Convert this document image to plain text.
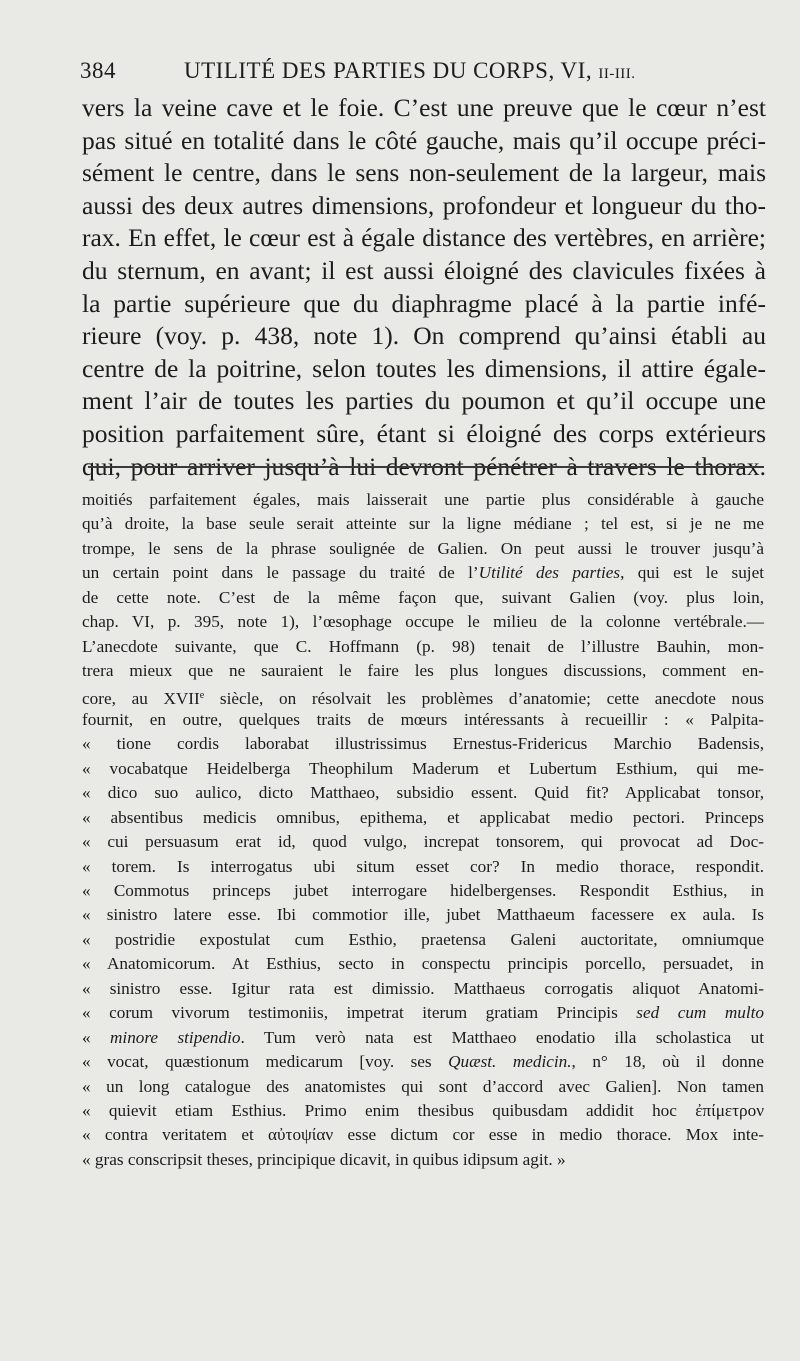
384	UTILITÉ DES PARTIES DU CORPS, VI, II-III.
vers la veine cave et le foie. C’est une preuve que le cœur n’est
pas situé en totalité dans le côté gauche, mais qu’il occupe préci-
sément le centre, dans le sens non-seulement de la largeur, mais
aussi des deux autres dimensions, profondeur et longueur du tho-
rax. En effet, le cœur est à égale distance des vertèbres, en arrière;
du sternum, en avant; il est aussi éloigné des clavicules fixées à
la partie supérieure que du diaphragme placé à la partie infé-
rieure (voy. p. 438, note 1). On comprend qu’ainsi établi au
centre de la poitrine, selon toutes les dimensions, il attire égale-
ment l’air de toutes les parties du poumon et qu’il occupe une
position parfaitement sûre, étant si éloigné des corps extérieurs
qui, pour arriver jusqu’à lui devront pénétrer à travers le thorax.
moitiés parfaitement égales, mais laisserait une partie plus considérable à gauche
qu’à droite, la base seule serait atteinte sur la ligne médiane ; tel est, si je ne me
trompe, le sens de la phrase soulignée de Galien. On peut aussi le trouver jusqu’à
un certain point dans le passage du traité de l’Utilité des parties, qui est le sujet
de cette note. C’est de la même façon que, suivant Galien (voy. plus loin,
chap. VI, p. 395, note 1), l’œsophage occupe le milieu de la colonne vertébrale.—
L’anecdote suivante, que C. Hoffmann (p. 98) tenait de l’illustre Bauhin, mon-
trera mieux que ne sauraient le faire les plus longues discussions, comment en-
core, au XVIIe siècle, on résolvait les problèmes d’anatomie; cette anecdote nous
fournit, en outre, quelques traits de mœurs intéressants à recueillir : « Palpita-
« tione cordis laborabat illustrissimus Ernestus-Fridericus Marchio Badensis,
« vocabatque Heidelberga Theophilum Maderum et Lubertum Esthium, qui me-
« dico suo aulico, dicto Matthaeo, subsidio essent. Quid fit? Applicabat tonsor,
« absentibus medicis omnibus, epithema, et applicabat medio pectori. Princeps
« cui persuasum erat id, quod vulgo, increpat tonsorem, qui provocat ad Doc-
« torem. Is interrogatus ubi situm esset cor? In medio thorace, respondit.
« Commotus princeps jubet interrogare hidelbergenses. Respondit Esthius, in
« sinistro latere esse. Ibi commotior ille, jubet Matthaeum facessere ex aula. Is
« postridie expostulat cum Esthio, praetensa Galeni auctoritate, omniumque
« Anatomicorum. At Esthius, secto in conspectu principis porcello, persuadet, in
« sinistro esse. Igitur rata est dimissio. Matthaeus corrogatis aliquot Anatomi-
« corum vivorum testimoniis, impetrat iterum gratiam Principis sed cum multo
« minore stipendio. Tum verò nata est Matthaeo enodatio illa scholastica ut
« vocat, quæstionum medicarum [voy. ses Quæst. medicin., n° 18, où il donne
« un long catalogue des anatomistes qui sont d’accord avec Galien]. Non tamen
« quievit etiam Esthius. Primo enim thesibus quibusdam addidit hoc ἐπίμετρον
« contra veritatem et αὐτοψίαν esse dictum cor esse in medio thorace. Mox inte-
« gras conscripsit theses, principique dicavit, in quibus idipsum agit. »
